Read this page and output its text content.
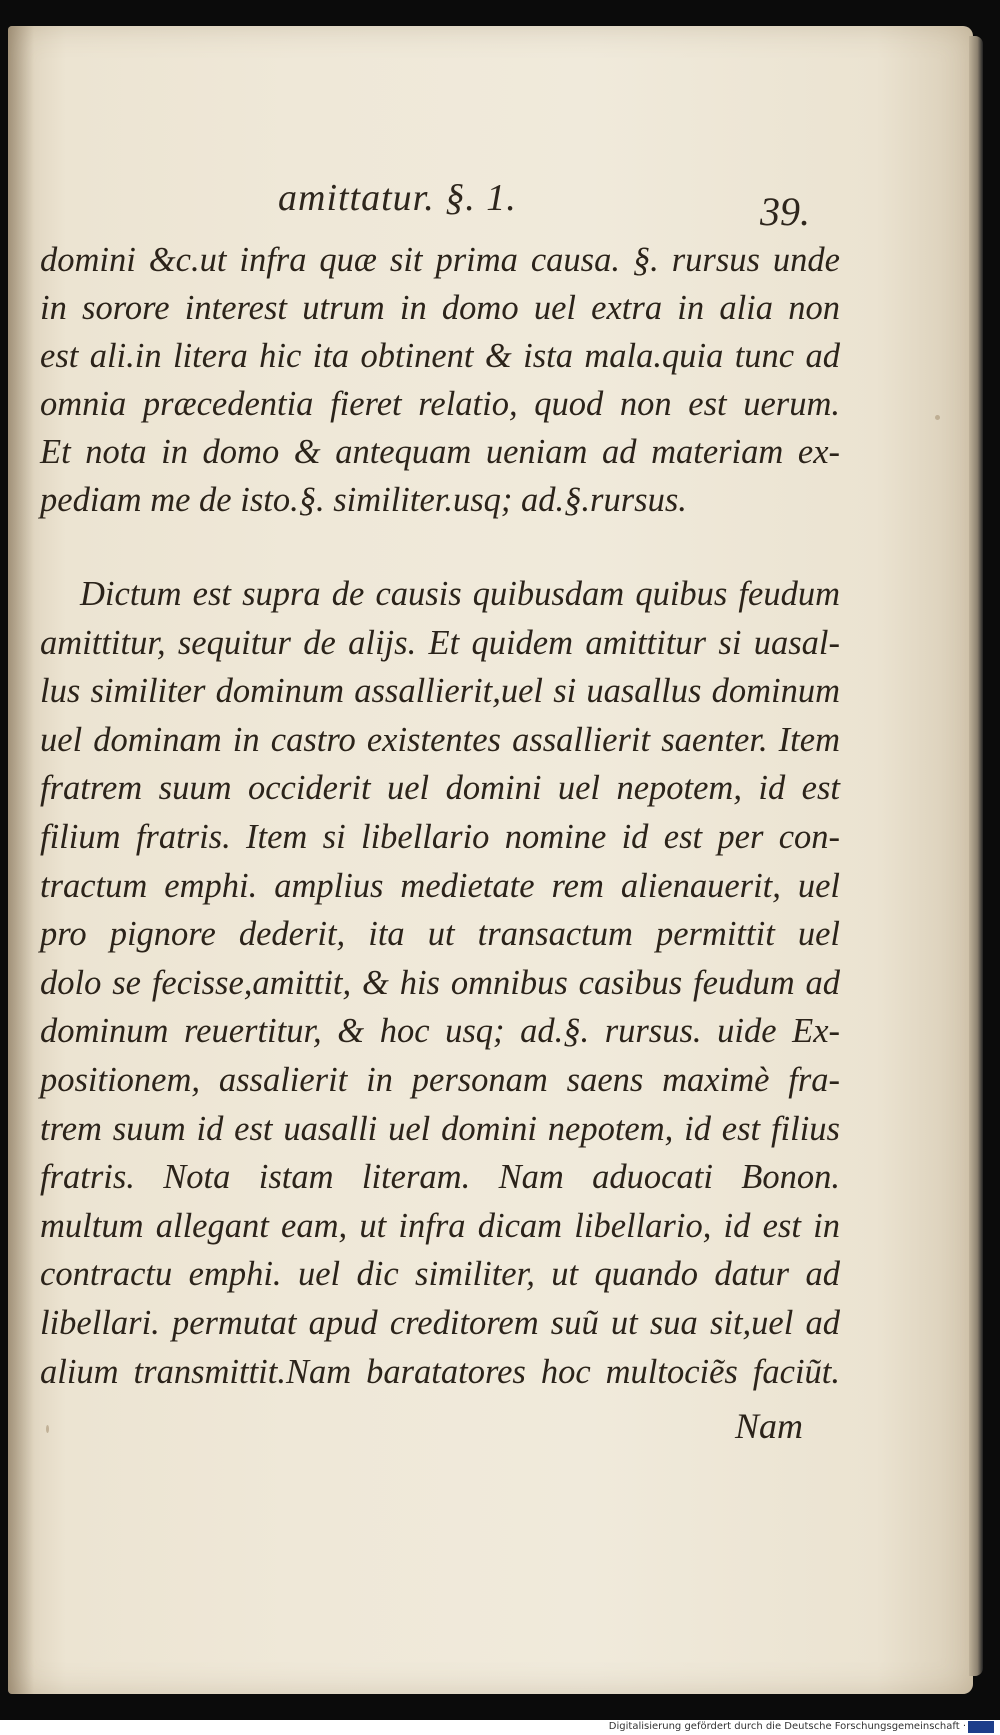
amittatur. §. 1.	39.
domini &c.ut infra quæ sit prima causa. §. rursus unde
in sorore interest utrum in domo uel extra in alia non
est ali.in litera hic ita obtinent & ista mala.quia tunc ad
omnia præcedentia fieret relatio, quod non est uerum.
Et nota in domo & antequam ueniam ad materiam ex-
pediam me de isto.§. similiter.usq; ad.§.rursus.
Dictum est supra de causis quibusdam quibus feudum
amittitur, sequitur de alijs. Et quidem amittitur si uasal-
lus similiter dominum assallierit,uel si uasallus dominum
uel dominam in castro existentes assallierit saenter. Item
fratrem suum occiderit uel domini uel nepotem, id est
filium fratris. Item si libellario nomine id est per con-
tractum emphi. amplius medietate rem alienauerit, uel
pro pignore dederit, ita ut transactum permittit uel
dolo se fecisse,amittit, & his omnibus casibus feudum ad
dominum reuertitur, & hoc usq; ad.§. rursus. uide Ex-
positionem, assalierit in personam saens maximè fra-
trem suum id est uasalli uel domini nepotem, id est filius
fratris. Nota istam literam. Nam aduocati Bonon.
multum allegant eam, ut infra dicam libellario, id est in
contractu emphi. uel dic similiter, ut quando datur ad
libellari. permutat apud creditorem suũ ut sua sit,uel ad
alium transmittit.Nam baratatores hoc multociẽs faciũt.
Nam
Digitalisierung gefördert durch die Deutsche Forschungsgemeinschaft ·
